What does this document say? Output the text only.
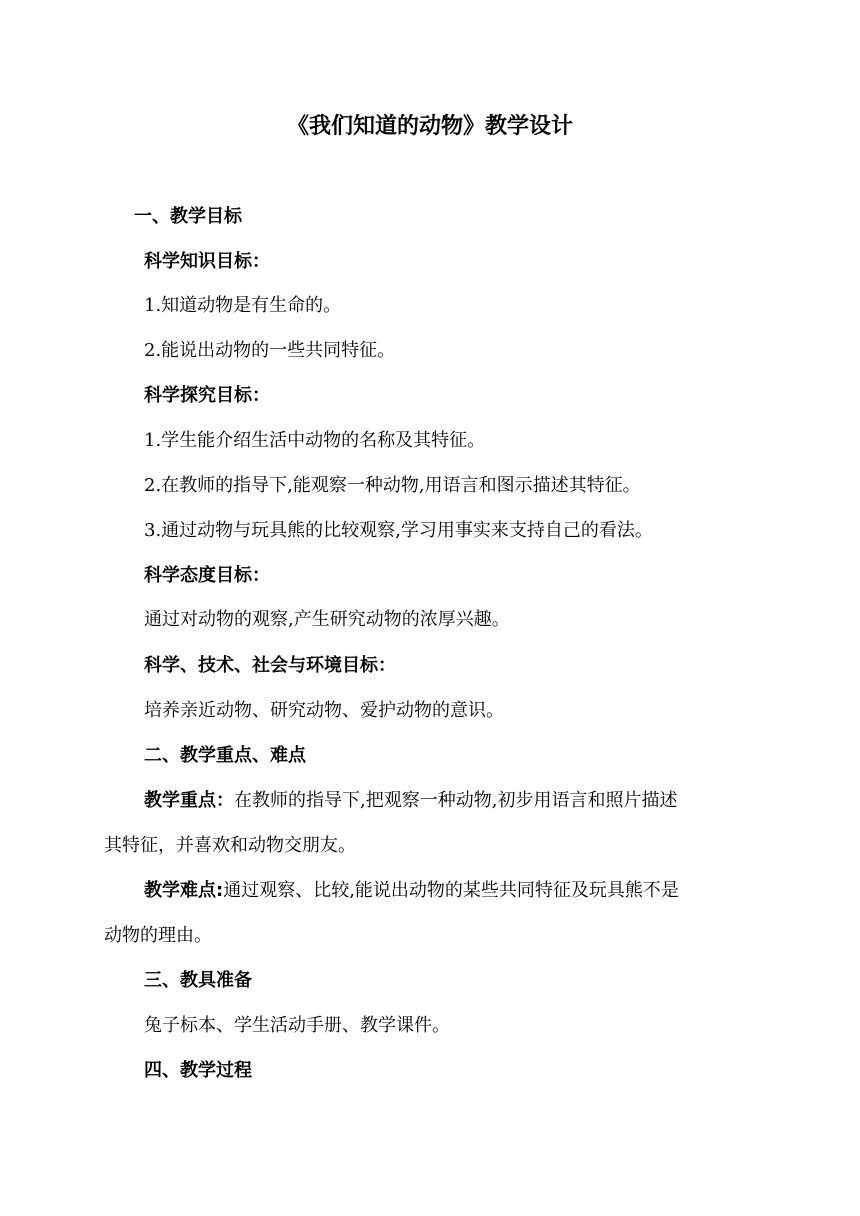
《我们知道的动物》教学设计
一、教学目标
科学知识目标：
1.知道动物是有生命的。
2.能说出动物的一些共同特征。
科学探究目标：
1.学生能介绍生活中动物的名称及其特征。
2.在教师的指导下,能观察一种动物,用语言和图示描述其特征。
3.通过动物与玩具熊的比较观察,学习用事实来支持自己的看法。
科学态度目标：
通过对动物的观察,产生研究动物的浓厚兴趣。
科学、技术、社会与环境目标：
培养亲近动物、研究动物、爱护动物的意识。
二、教学重点、难点
教学重点：在教师的指导下,把观察一种动物,初步用语言和照片描述
其特征，并喜欢和动物交朋友。
教学难点:通过观察、比较,能说出动物的某些共同特征及玩具熊不是
动物的理由。
三、教具准备
兔子标本、学生活动手册、教学课件。
四、教学过程
